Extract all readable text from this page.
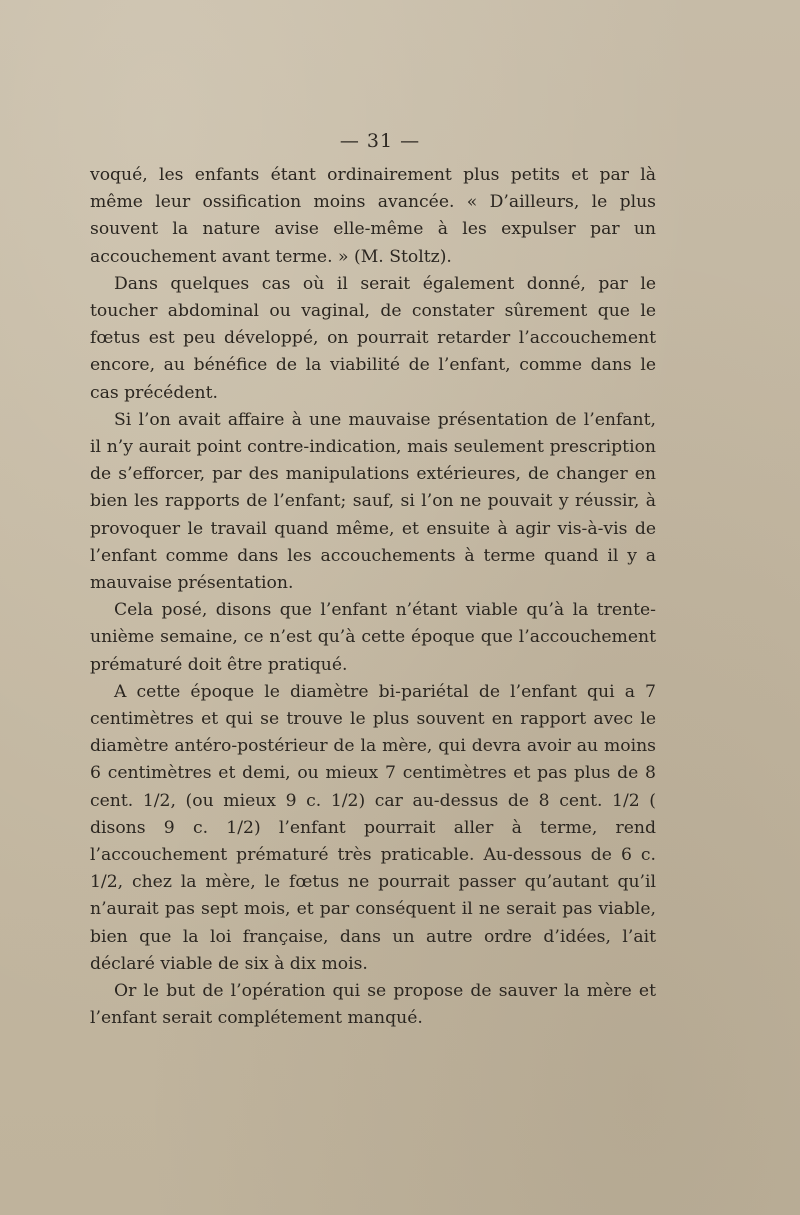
— 31 —

voqué, les enfants étant ordinairement plus petits et par là même leur ossification moins avancée. « D’ailleurs, le plus souvent la nature avise elle-même à les expulser par un accouchement avant terme. » (M. Stoltz).

Dans quelques cas où il serait également donné, par le toucher abdominal ou vaginal, de constater sûrement que le fœtus est peu développé, on pourrait retarder l’accouchement encore, au bénéfice de la viabilité de l’enfant, comme dans le cas précédent.

Si l’on avait affaire à une mauvaise présentation de l’enfant, il n’y aurait point contre-indication, mais seulement prescription de s’efforcer, par des manipulations extérieures, de changer en bien les rapports de l’enfant; sauf, si l’on ne pouvait y réussir, à provoquer le travail quand même, et ensuite à agir vis-à-vis de l’enfant comme dans les accouchements à terme quand il y a mauvaise présentation.

Cela posé, disons que l’enfant n’étant viable qu’à la trente-unième semaine, ce n’est qu’à cette époque que l’accouchement prématuré doit être pratiqué.

A cette époque le diamètre bi-pariétal de l’enfant qui a 7 centimètres et qui se trouve le plus souvent en rapport avec le diamètre antéro-postérieur de la mère, qui devra avoir au moins 6 centimètres et demi, ou mieux 7 centimètres et pas plus de 8 cent. 1/2, (ou mieux 9 c. 1/2) car au-dessus de 8 cent. 1/2 ( disons 9 c. 1/2) l’enfant pourrait aller à terme, rend l’accouchement prématuré très praticable. Au-dessous de 6 c. 1/2, chez la mère, le fœtus ne pourrait passer qu’autant qu’il n’aurait pas sept mois, et par conséquent il ne serait pas viable, bien que la loi française, dans un autre ordre d’idées, l’ait déclaré viable de six à dix mois.

Or le but de l’opération qui se propose de sauver la mère et l’enfant serait complétement manqué.
